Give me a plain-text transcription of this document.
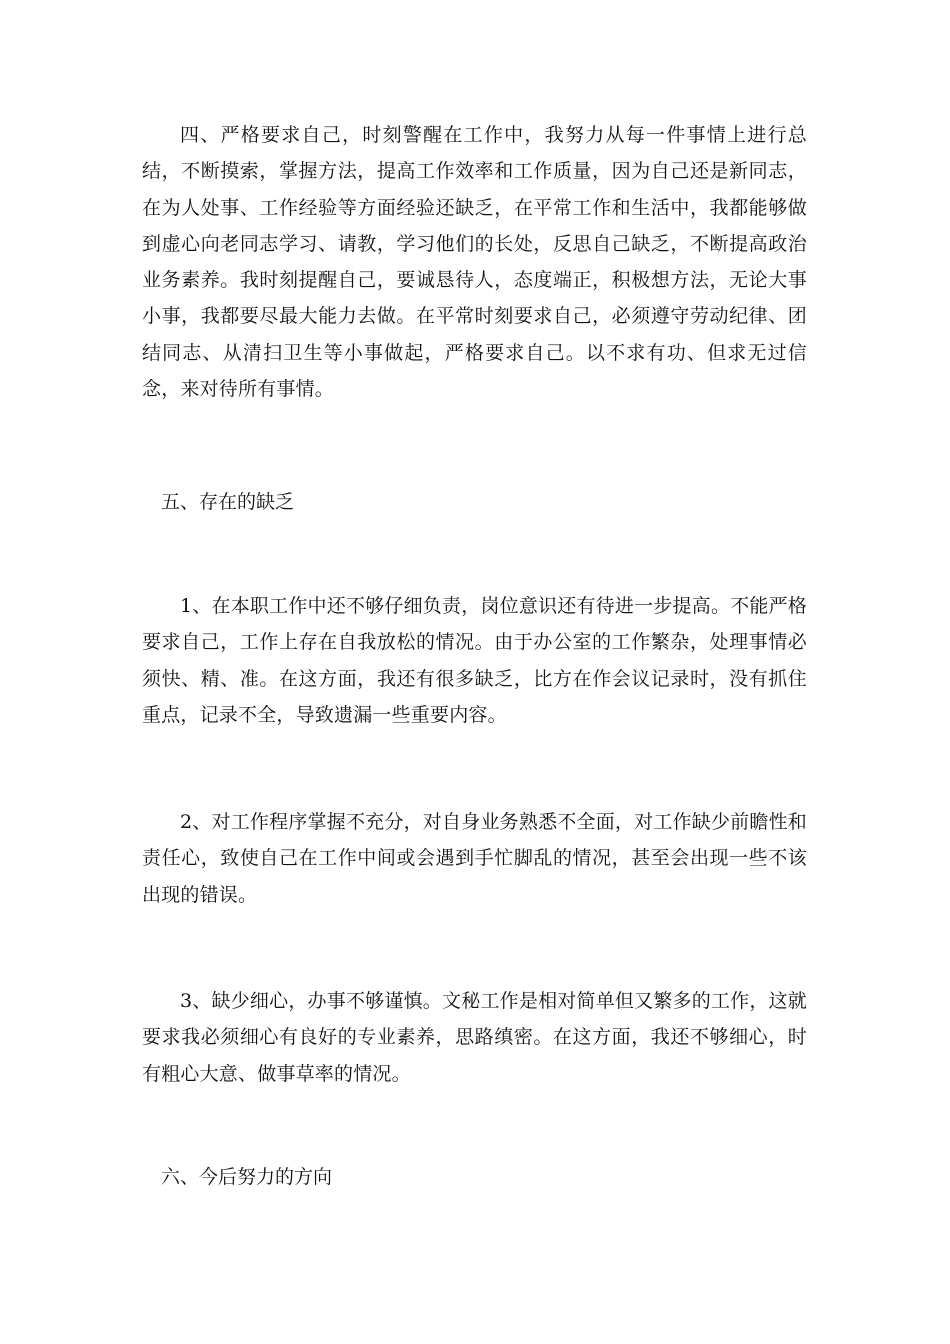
四、严格要求自己，时刻警醒在工作中，我努力从每一件事情上进行总结，不断摸索，掌握方法，提高工作效率和工作质量，因为自己还是新同志，在为人处事、工作经验等方面经验还缺乏，在平常工作和生活中，我都能够做到虚心向老同志学习、请教，学习他们的长处，反思自己缺乏，不断提高政治业务素养。我时刻提醒自己，要诚恳待人，态度端正，积极想方法，无论大事小事，我都要尽最大能力去做。在平常时刻要求自己，必须遵守劳动纪律、团结同志、从清扫卫生等小事做起，严格要求自己。以不求有功、但求无过信念，来对待所有事情。

五、存在的缺乏

1、在本职工作中还不够仔细负责，岗位意识还有待进一步提高。不能严格要求自己，工作上存在自我放松的情况。由于办公室的工作繁杂，处理事情必须快、精、准。在这方面，我还有很多缺乏，比方在作会议记录时，没有抓住重点，记录不全，导致遗漏一些重要内容。

2、对工作程序掌握不充分，对自身业务熟悉不全面，对工作缺少前瞻性和责任心，致使自己在工作中间或会遇到手忙脚乱的情况，甚至会出现一些不该出现的错误。

3、缺少细心，办事不够谨慎。文秘工作是相对简单但又繁多的工作，这就要求我必须细心有良好的专业素养，思路缜密。在这方面，我还不够细心，时有粗心大意、做事草率的情况。

六、今后努力的方向
